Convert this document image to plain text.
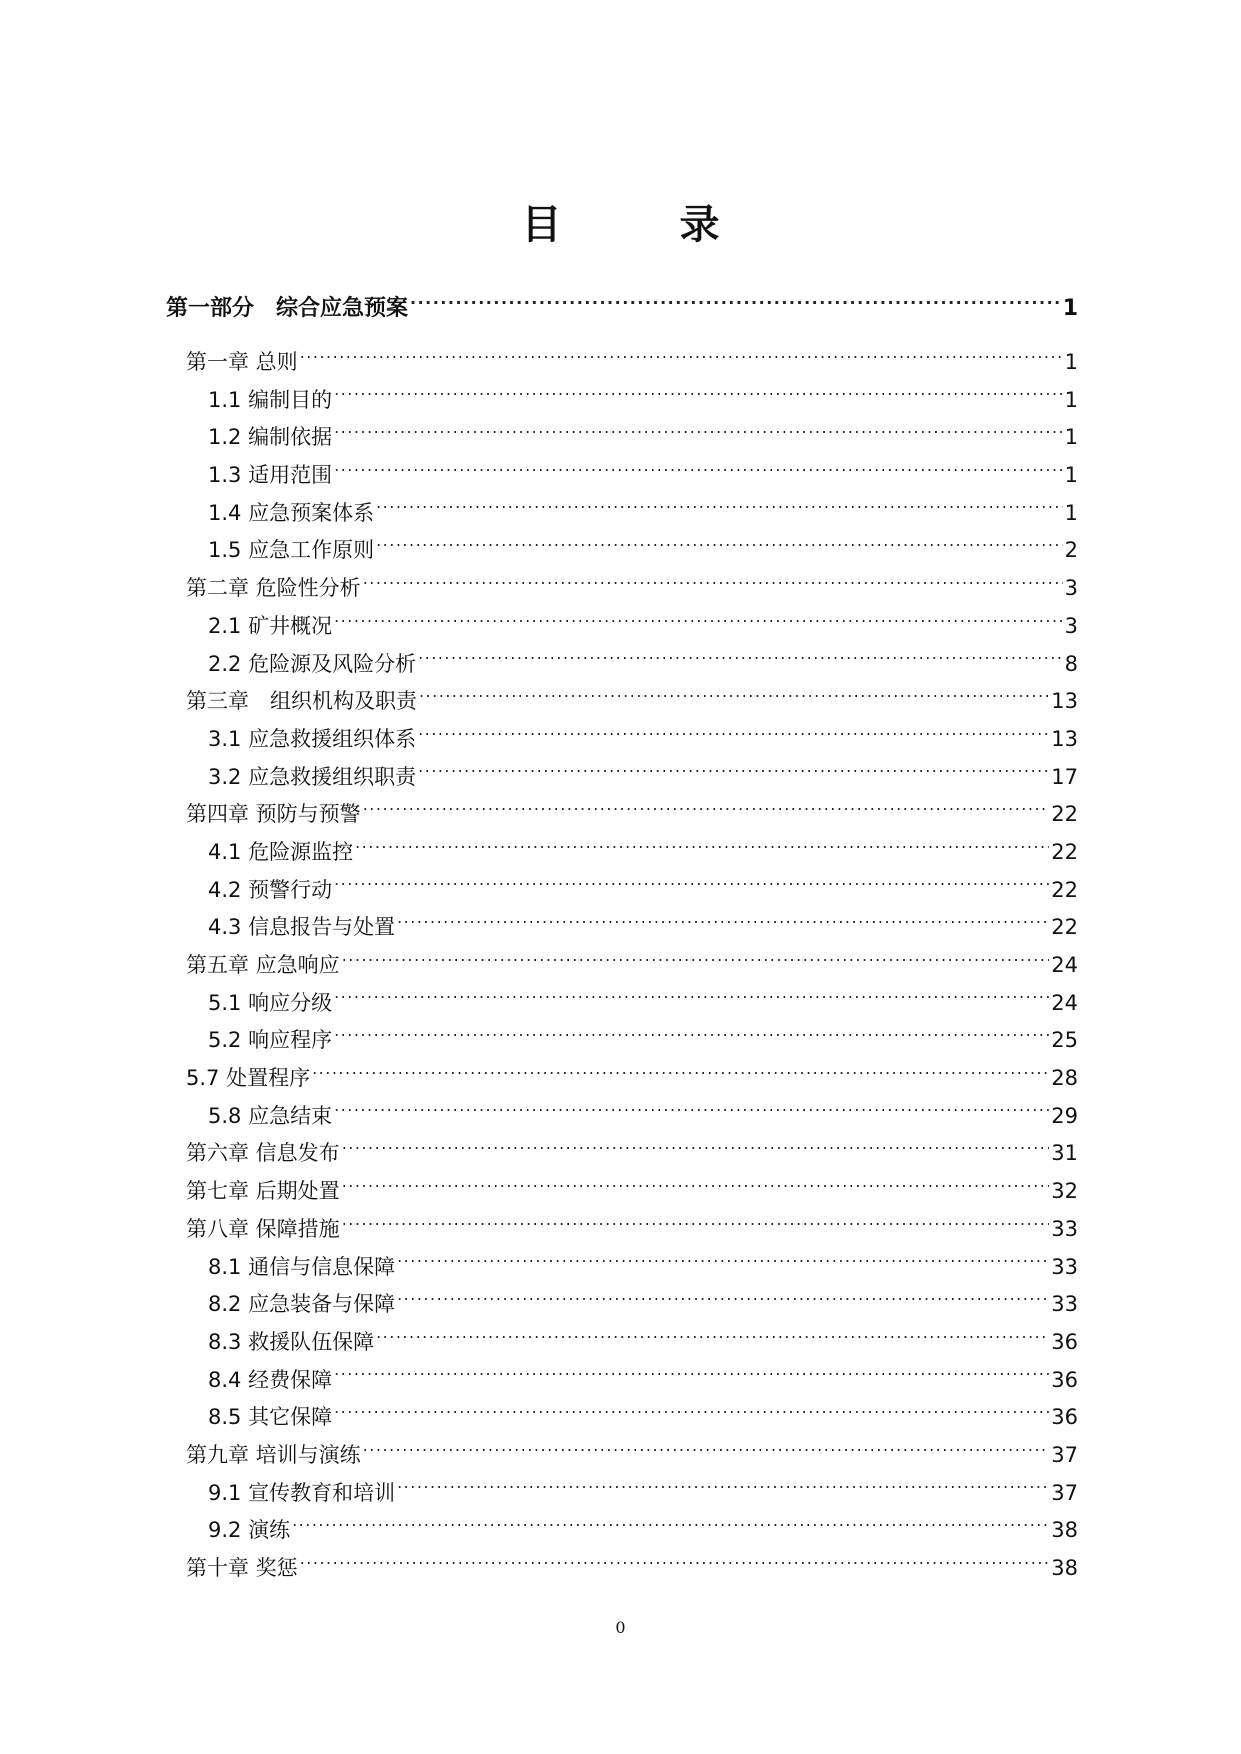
目 录
第一部分　综合应急预案 .....	1
第一章 总则 .....	1
1.1 编制目的 .....	1
1.2 编制依据 .....	1
1.3 适用范围 .....	1
1.4 应急预案体系 .....	1
1.5 应急工作原则 .....	2
第二章 危险性分析 .....	3
2.1 矿井概况 .....	3
2.2 危险源及风险分析 .....	8
第三章　组织机构及职责 .....	13
3.1 应急救援组织体系 .....	13
3.2 应急救援组织职责 .....	17
第四章 预防与预警 .....	22
4.1 危险源监控 .....	22
4.2 预警行动 .....	22
4.3 信息报告与处置 .....	22
第五章 应急响应 .....	24
5.1 响应分级 .....	24
5.2 响应程序 .....	25
5.7 处置程序 .....	28
5.8 应急结束 .....	29
第六章 信息发布 .....	31
第七章 后期处置 .....	32
第八章 保障措施 .....	33
8.1 通信与信息保障 .....	33
8.2 应急装备与保障 .....	33
8.3 救援队伍保障 .....	36
8.4 经费保障 .....	36
8.5 其它保障 .....	36
第九章 培训与演练 .....	37
9.1 宣传教育和培训 .....	37
9.2 演练 .....	38
第十章 奖惩 .....	38
0
